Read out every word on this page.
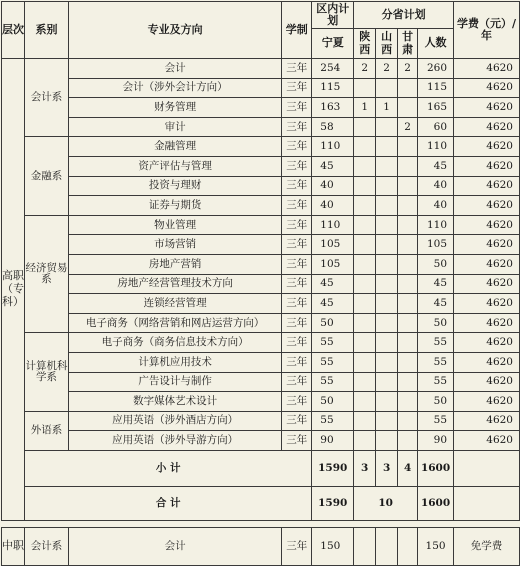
层次	系别	专业及方向	学制	区内计划	分省计划				学费（元）/年
				宁夏	陕西	山西	甘肃	人数	
高职（专科）	会计系	会计	三年	254	2	2	2	260	4620
		会计（涉外会计方向）	三年	115				115	4620
		财务管理	三年	163	1	1		165	4620
		审计	三年	58			2	60	4620
	金融系	金融管理	三年	110				110	4620
		资产评估与管理	三年	45				45	4620
		投资与理财	三年	40				40	4620
		证券与期货	三年	40				40	4620
	经济贸易系	物业管理	三年	110				110	4620
		市场营销	三年	105				105	4620
		房地产营销	三年	105				50	4620
		房地产经营管理技术方向	三年	45				45	4620
		连锁经营管理	三年	45				45	4620
		电子商务（网络营销和网店运营方向）	三年	50				50	4620
	计算机科学系	电子商务（商务信息技术方向）	三年	55				55	4620
		计算机应用技术	三年	55				55	4620
		广告设计与制作	三年	55				55	4620
		数字媒体艺术设计	三年	50				50	4620
	外语系	应用英语（涉外酒店方向）	三年	55				55	4620
		应用英语（涉外导游方向）	三年	90				90	4620
	小 计			1590	3	3	4	1600	
	合 计			1590	10			1600	

中职	会计系	会计	三年	150				150	免学费
